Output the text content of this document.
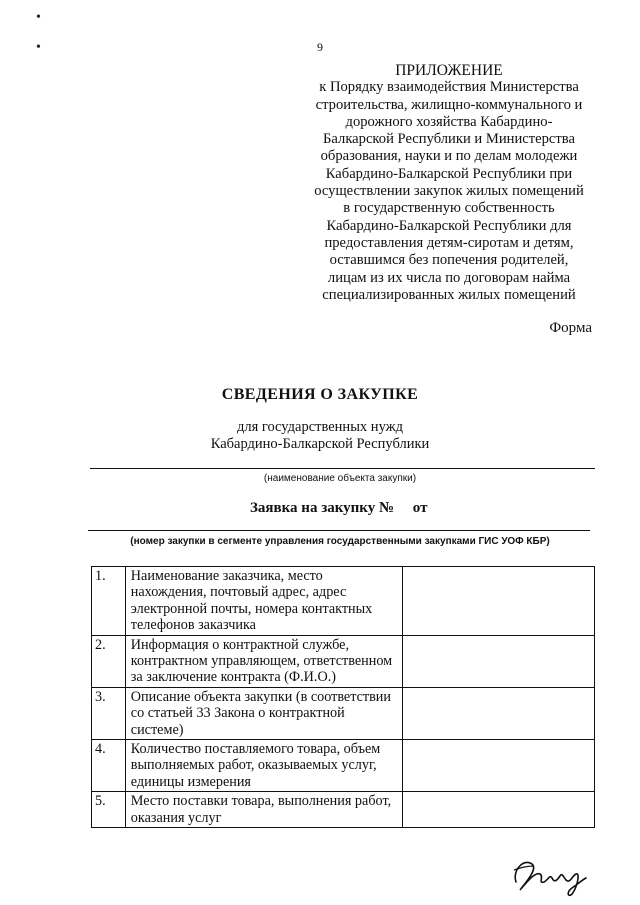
9
•
•
ПРИЛОЖЕНИЕ
к Порядку взаимодействия Министерства
строительства, жилищно-коммунального и
дорожного хозяйства Кабардино-
Балкарской Республики и Министерства
образования, науки и по делам молодежи
Кабардино-Балкарской Республики при
осуществлении закупок жилых помещений
в государственную собственность
Кабардино-Балкарской Республики для
предоставления детям-сиротам и детям,
оставшимся без попечения родителей,
лицам из их числа по договорам найма
специализированных жилых помещений
Форма
СВЕДЕНИЯ О ЗАКУПКЕ
для государственных нужд
Кабардино-Балкарской Республики
(наименование объекта закупки)
Заявка на закупку №     от
(номер закупки в сегменте управления государственными закупками ГИС УОФ КБР)
1.	Наименование заказчика, место нахождения, почтовый адрес, адрес электронной почты, номера контактных телефонов заказчика	
2.	Информация о контрактной службе, контрактном управляющем, ответственном за заключение контракта (Ф.И.О.)	
3.	Описание объекта закупки (в соответствии со статьей 33 Закона о контрактной системе)	
4.	Количество поставляемого товара, объем выполняемых работ, оказываемых услуг, единицы измерения	
5.	Место поставки товара, выполнения работ, оказания услуг	
